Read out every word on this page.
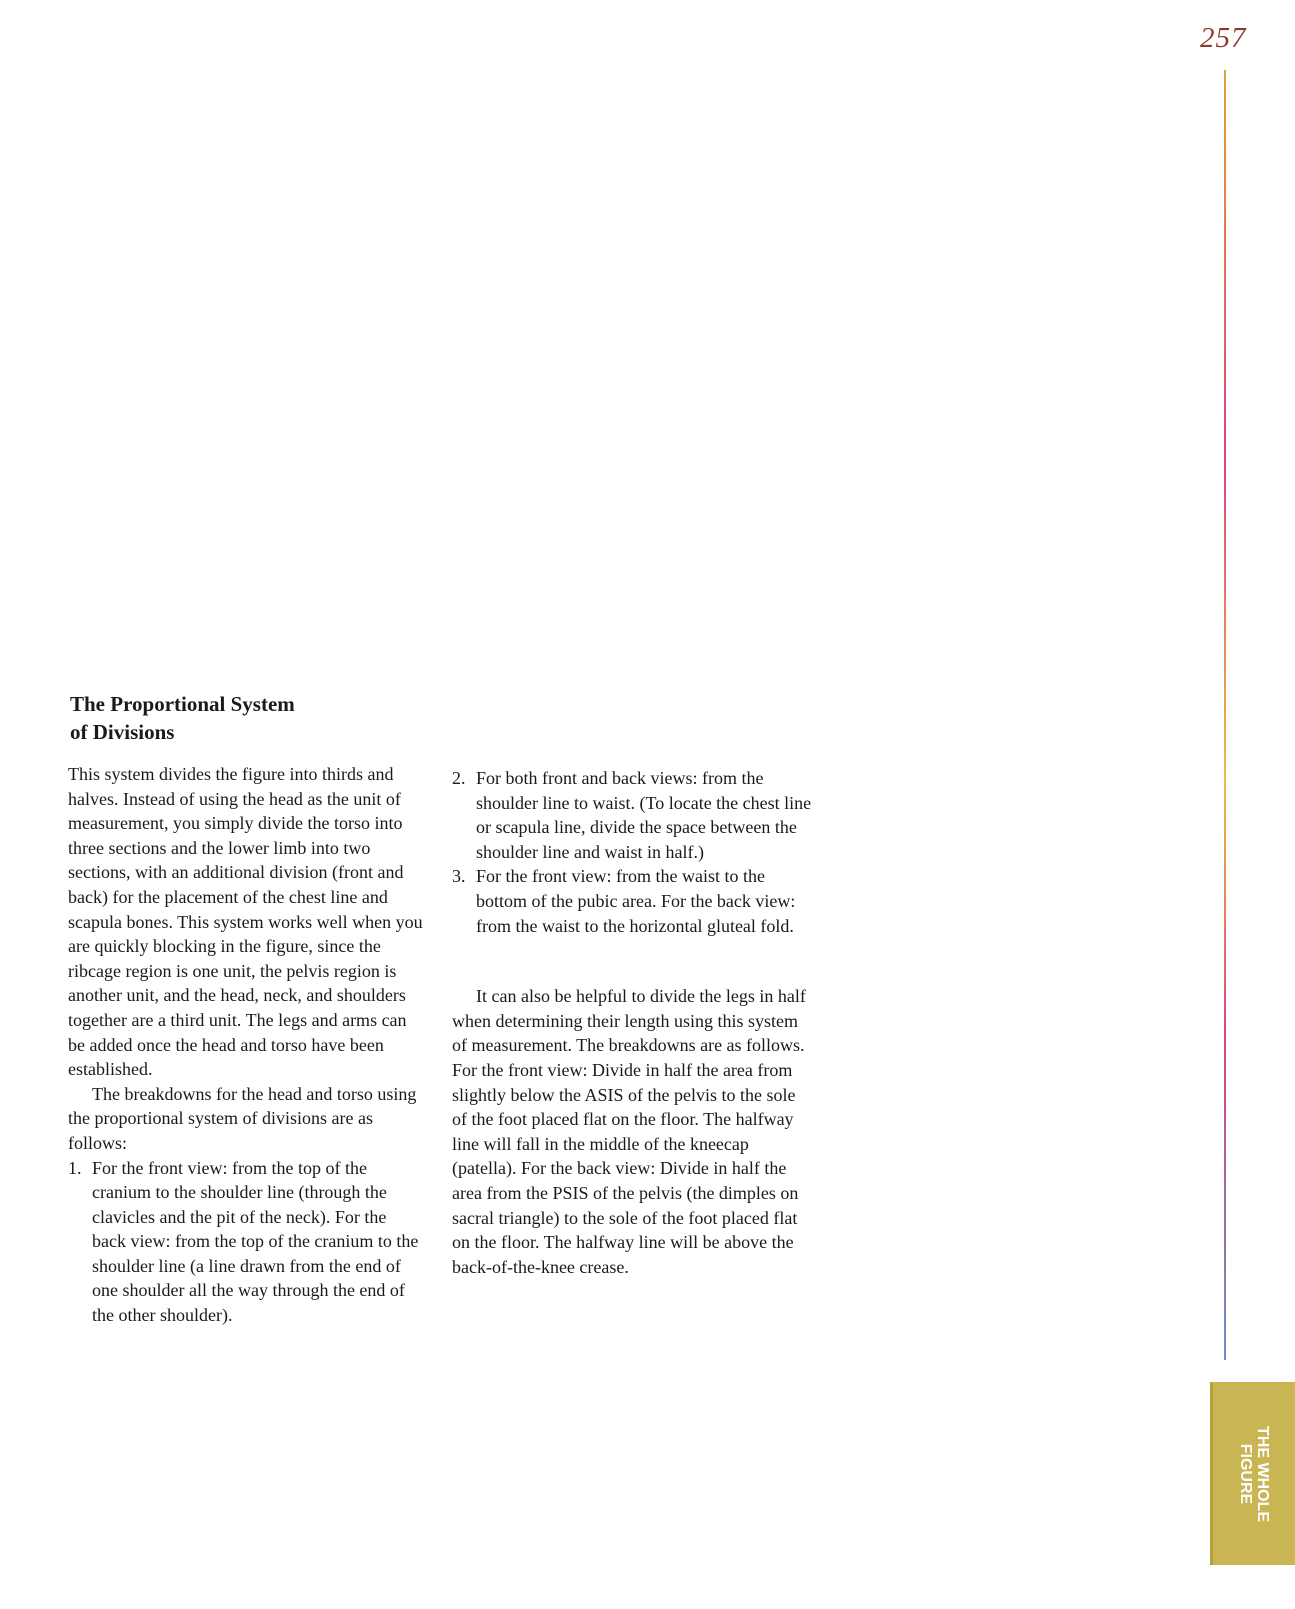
257
THE WHOLE
FIGURE
The Proportional System
of Divisions

This system divides the figure into thirds and halves. Instead of using the head as the unit of measurement, you simply divide the torso into three sections and the lower limb into two sections, with an additional division (front and back) for the placement of the chest line and scapula bones. This system works well when you are quickly blocking in the figure, since the ribcage region is one unit, the pelvis region is another unit, and the head, neck, and shoulders together are a third unit. The legs and arms can be added once the head and torso have been established.

The breakdowns for the head and torso using the proportional system of divisions are as follows:

1. For the front view: from the top of the cranium to the shoulder line (through the clavicles and the pit of the neck). For the back view: from the top of the cranium to the shoulder line (a line drawn from the end of one shoulder all the way through the end of the other shoulder).
2. For both front and back views: from the shoulder line to waist. (To locate the chest line or scapula line, divide the space between the shoulder line and waist in half.)
3. For the front view: from the waist to the bottom of the pubic area. For the back view: from the waist to the horizontal gluteal fold.

It can also be helpful to divide the legs in half when determining their length using this system of measurement. The breakdowns are as follows. For the front view: Divide in half the area from slightly below the ASIS of the pelvis to the sole of the foot placed flat on the floor. The halfway line will fall in the middle of the kneecap (patella). For the back view: Divide in half the area from the PSIS of the pelvis (the dimples on sacral triangle) to the sole of the foot placed flat on the floor. The halfway line will be above the back-of-the-knee crease.
